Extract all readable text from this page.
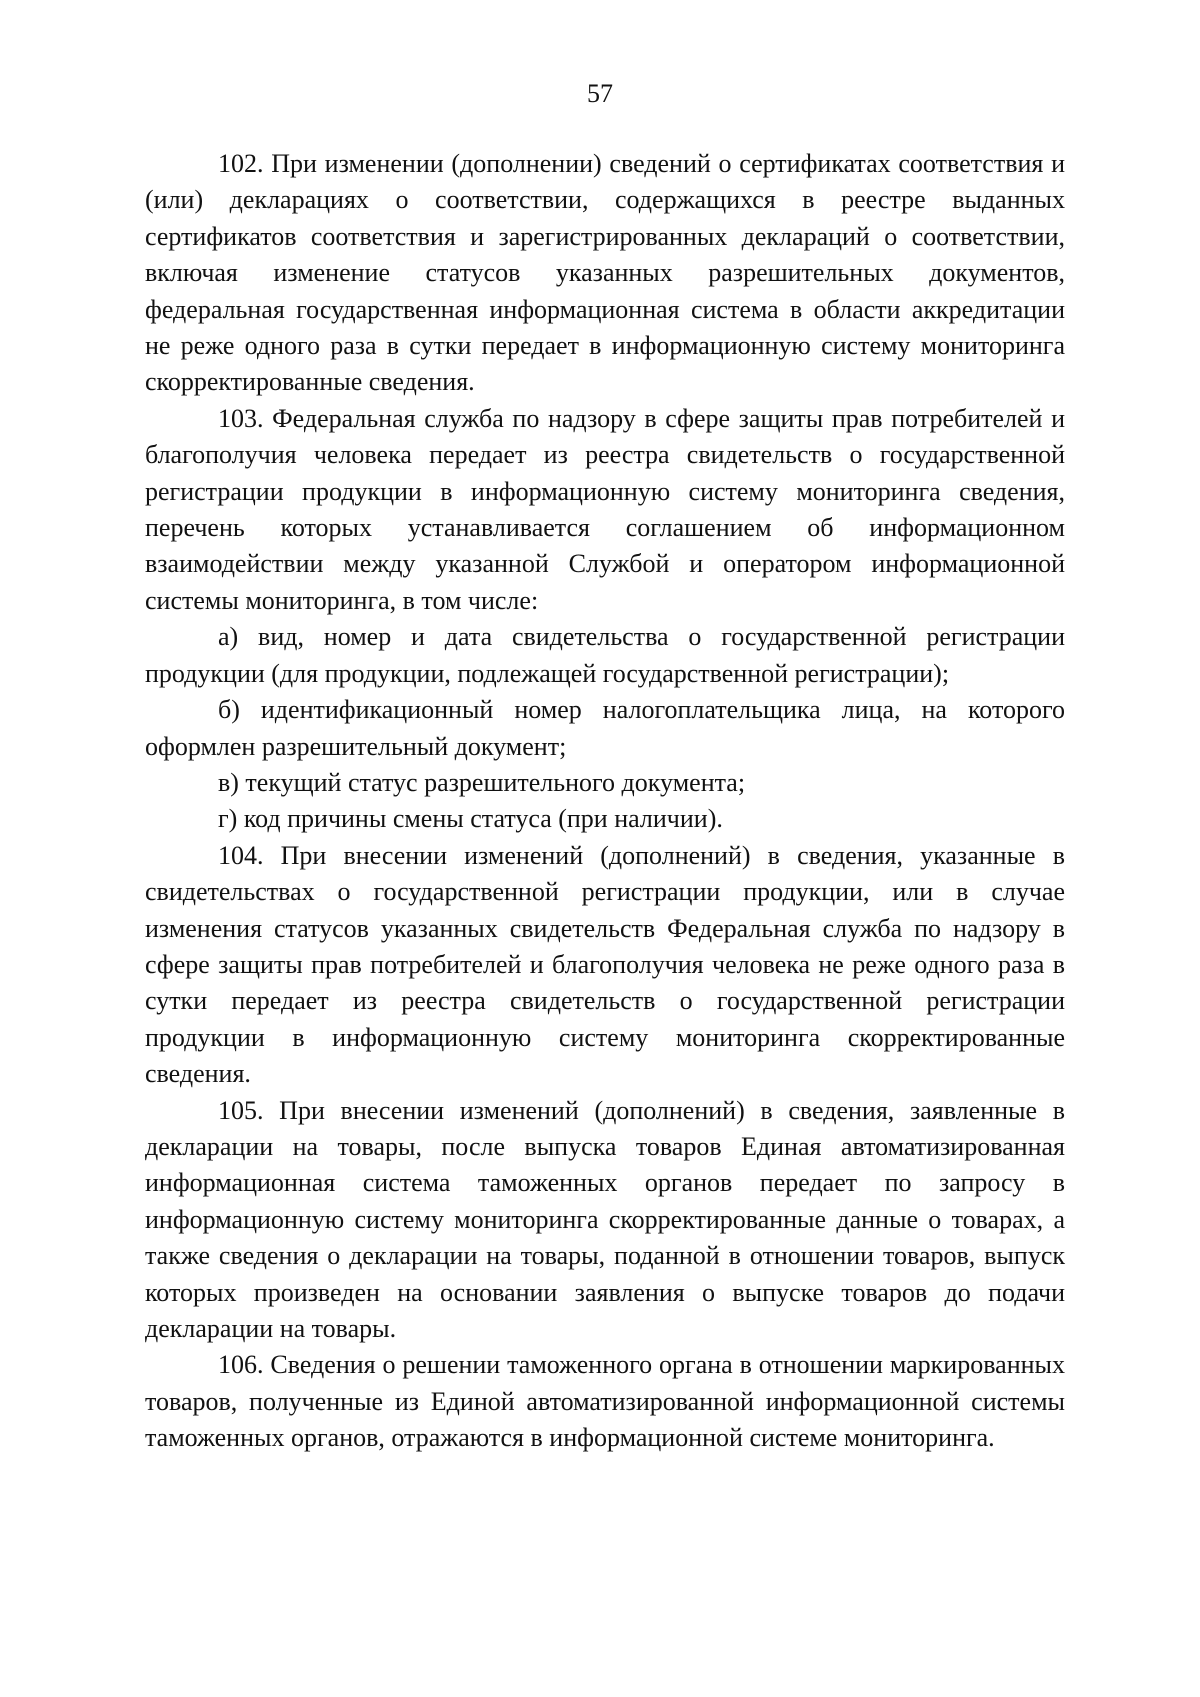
57

102. При изменении (дополнении) сведений о сертификатах соответствия и (или) декларациях о соответствии, содержащихся в реестре выданных сертификатов соответствия и зарегистрированных деклараций о соответствии, включая изменение статусов указанных разрешительных документов, федеральная государственная информационная система в области аккредитации не реже одного раза в сутки передает в информационную систему мониторинга скорректированные сведения.

103. Федеральная служба по надзору в сфере защиты прав потребителей и благополучия человека передает из реестра свидетельств о государственной регистрации продукции в информационную систему мониторинга сведения, перечень которых устанавливается соглашением об информационном взаимодействии между указанной Службой и оператором информационной системы мониторинга, в том числе:

а) вид, номер и дата свидетельства о государственной регистрации продукции (для продукции, подлежащей государственной регистрации);

б) идентификационный номер налогоплательщика лица, на которого оформлен разрешительный документ;

в) текущий статус разрешительного документа;

г) код причины смены статуса (при наличии).

104. При внесении изменений (дополнений) в сведения, указанные в свидетельствах о государственной регистрации продукции, или в случае изменения статусов указанных свидетельств Федеральная служба по надзору в сфере защиты прав потребителей и благополучия человека не реже одного раза в сутки передает из реестра свидетельств о государственной регистрации продукции в информационную систему мониторинга скорректированные сведения.

105. При внесении изменений (дополнений) в сведения, заявленные в декларации на товары, после выпуска товаров Единая автоматизированная информационная система таможенных органов передает по запросу в информационную систему мониторинга скорректированные данные о товарах, а также сведения о декларации на товары, поданной в отношении товаров, выпуск которых произведен на основании заявления о выпуске товаров до подачи декларации на товары.

106. Сведения о решении таможенного органа в отношении маркированных товаров, полученные из Единой автоматизированной информационной системы таможенных органов, отражаются в информационной системе мониторинга.
